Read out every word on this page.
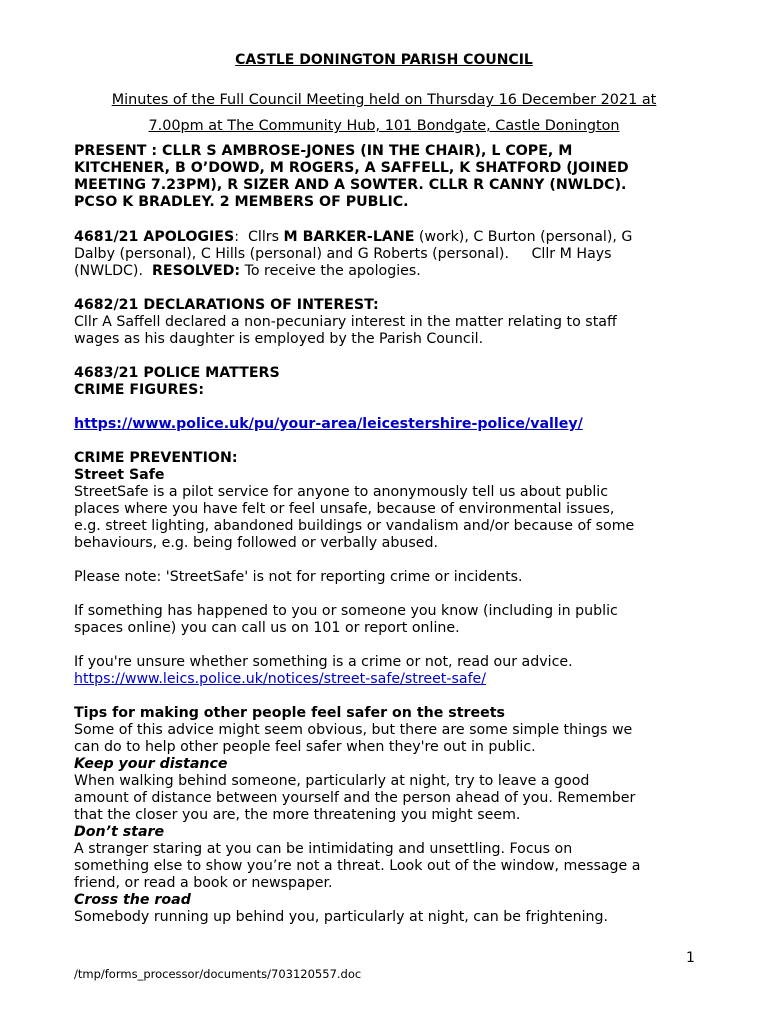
CASTLE DONINGTON PARISH COUNCIL
Minutes of the Full Council Meeting held on Thursday 16 December 2021 at
7.00pm at The Community Hub, 101 Bondgate, Castle Donington

PRESENT : CLLR S AMBROSE-JONES (IN THE CHAIR), L COPE, M

KITCHENER, B O’DOWD, M ROGERS, A SAFFELL, K SHATFORD (JOINED

MEETING 7.23PM), R SIZER AND A SOWTER. CLLR R CANNY (NWLDC).

PCSO K BRADLEY. 2 MEMBERS OF PUBLIC.

4681/21 APOLOGIES:  Cllrs M BARKER-LANE (work), C Burton (personal), G

Dalby (personal), C Hills (personal) and G Roberts (personal).     Cllr M Hays

(NWLDC).  RESOLVED: To receive the apologies.

4682/21 DECLARATIONS OF INTEREST:

Cllr A Saffell declared a non-pecuniary interest in the matter relating to staff

wages as his daughter is employed by the Parish Council.

4683/21 POLICE MATTERS

CRIME FIGURES:

https://www.police.uk/pu/your-area/leicestershire-police/valley/

CRIME PREVENTION:

Street Safe

StreetSafe is a pilot service for anyone to anonymously tell us about public

places where you have felt or feel unsafe, because of environmental issues,

e.g. street lighting, abandoned buildings or vandalism and/or because of some

behaviours, e.g. being followed or verbally abused.

Please note: 'StreetSafe' is not for reporting crime or incidents.

If something has happened to you or someone you know (including in public

spaces online) you can call us on 101 or report online.

If you're unsure whether something is a crime or not, read our advice.

https://www.leics.police.uk/notices/street-safe/street-safe/

Tips for making other people feel safer on the streets

Some of this advice might seem obvious, but there are some simple things we

can do to help other people feel safer when they're out in public.

Keep your distance

When walking behind someone, particularly at night, try to leave a good

amount of distance between yourself and the person ahead of you. Remember

that the closer you are, the more threatening you might seem.

Don’t stare

A stranger staring at you can be intimidating and unsettling. Focus on

something else to show you’re not a threat. Look out of the window, message a

friend, or read a book or newspaper.

Cross the road

Somebody running up behind you, particularly at night, can be frightening.

1
/tmp/forms_processor/documents/703120557.doc
